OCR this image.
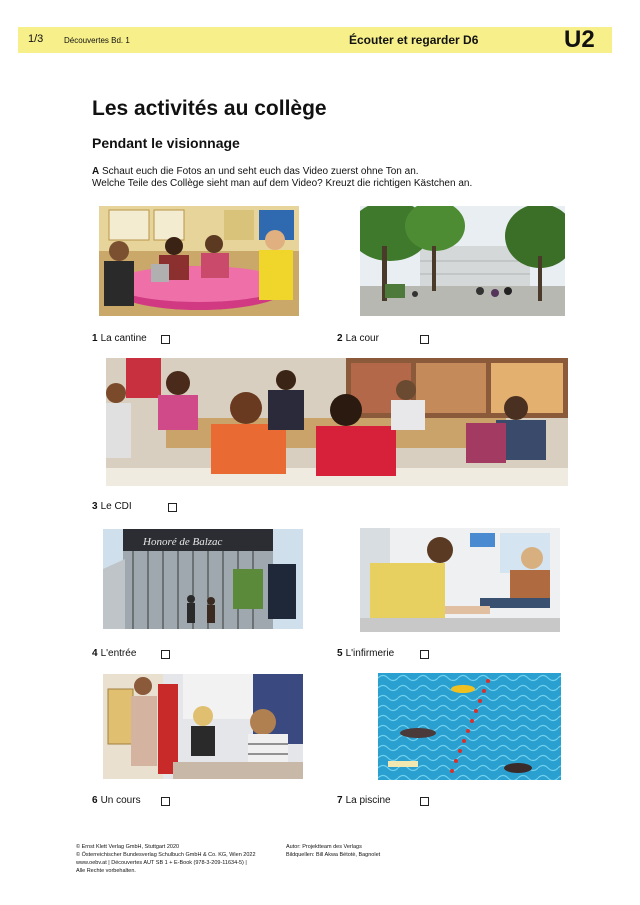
1/3	Découvertes Bd. 1	Écouter et regarder D6	U2
Les activités au collège
Pendant le visionnage
A Schaut euch die Fotos an und seht euch das Video zuerst ohne Ton an.
Welche Teile des Collège sieht man auf dem Video? Kreuzt die richtigen Kästchen an.
1 La cantine	2 La cour
3 Le CDI
Honoré de Balzac
4 L'entrée	5 L'infirmerie
6 Un cours	7 La piscine
© Ernst Klett Verlag GmbH, Stuttgart 2020
© Österreichischer Bundesverlag Schulbuch GmbH & Co. KG, Wien 2022
www.oebv.at | Découvertes AUT SB 1 + E-Book (978-3-209-11634-5) |
Alle Rechte vorbehalten.
Autor: Projektteam des Verlags
Bildquellen: Bill Akwa Bétotè, Bagnolet
